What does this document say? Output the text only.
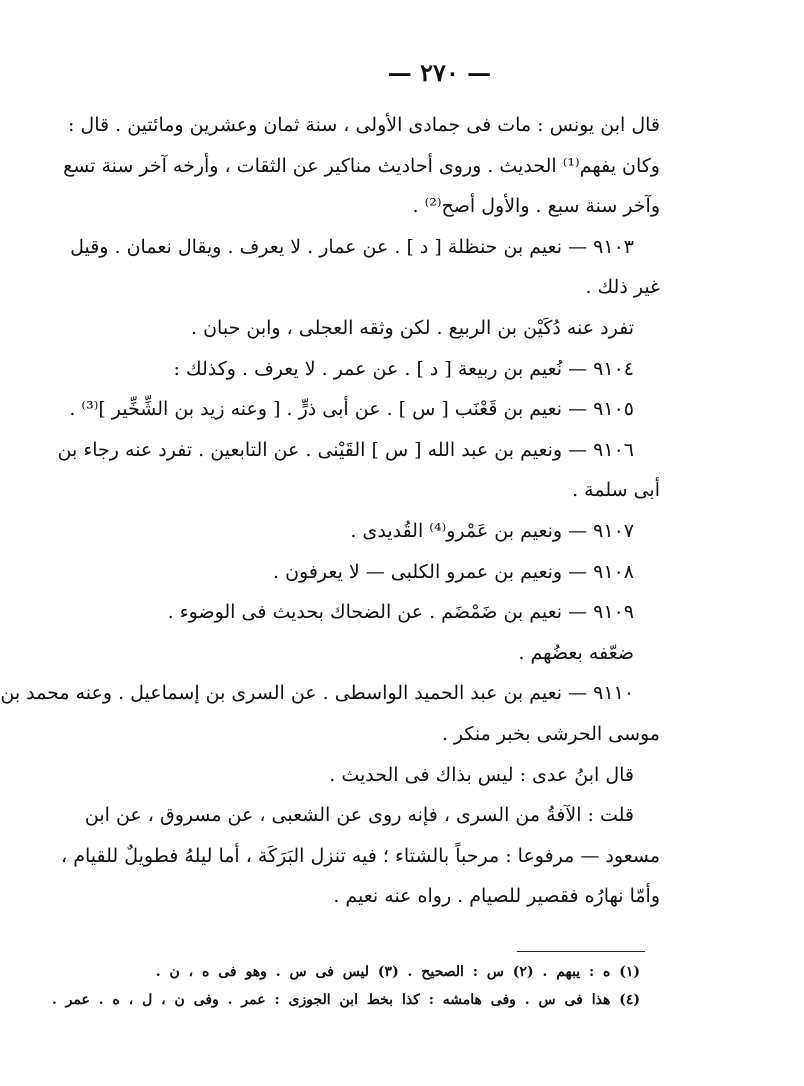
— ٢٧٠ —
قال ابن يونس : مات فى جمادى الأولى ، سنة ثمان وعشرين ومائتين . قال :
وكان يفهم⁽¹⁾ الحديث . وروى أحاديث مناكير عن الثقات ، وأرخه آخر سنة تسع
وآخر سنة سبع . والأول أصح⁽²⁾ .
٩١٠٣ — نعيم بن حنظلة [ د ] . عن عمار . لا يعرف . ويقال نعمان . وقيل
غير ذلك .
تفرد عنه دُكَيْن بن الربيع . لكن وثقه العجلى ، وابن حبان .
٩١٠٤ — نُعيم بن ربيعة [ د ] . عن عمر . لا يعرف . وكذلك :
٩١٠٥ — نعيم بن قَعْنَب [ س ] . عن أبى ذرٍّ . [ وعنه زيد بن الشِّخِّير ]⁽³⁾ .
٩١٠٦ — ونعيم بن عبد الله [ س ] القَيْنى . عن التابعين . تفرد عنه رجاء بن
أبى سلمة .
٩١٠٧ — ونعيم بن عَمْرو⁽⁴⁾ القُديدى .
٩١٠٨ — ونعيم بن عمرو الكلبى — لا يعرفون .
٩١٠٩ — نعيم بن ضَمْضَم . عن الضحاك بحديث فى الوضوء .
ضعّفه بعضُهم .
٩١١٠ — نعيم بن عبد الحميد الواسطى . عن السرى بن إسماعيل . وعنه محمد بن
موسى الحرشى بخبر منكر .
قال ابنُ عدى : ليس بذاك فى الحديث .
قلت : الآفةُ من السرى ، فإنه روى عن الشعبى ، عن مسروق ، عن ابن
مسعود — مرفوعا : مرحباً بالشتاء ؛ فيه تنزل البَرَكَة ، أما ليلهُ فطويلٌ للقيام ،
وأمّا نهارُه فقصير للصيام . رواه عنه نعيم .
(١) ه : يبهم . (٢) س : الصحيح . (٣) ليس فى س . وهو فى ه ، ن .
(٤) هذا فى س . وفى هامشه : كذا بخط ابن الجوزى : عمر . وفى ن ، ل ، ه . عمر .
